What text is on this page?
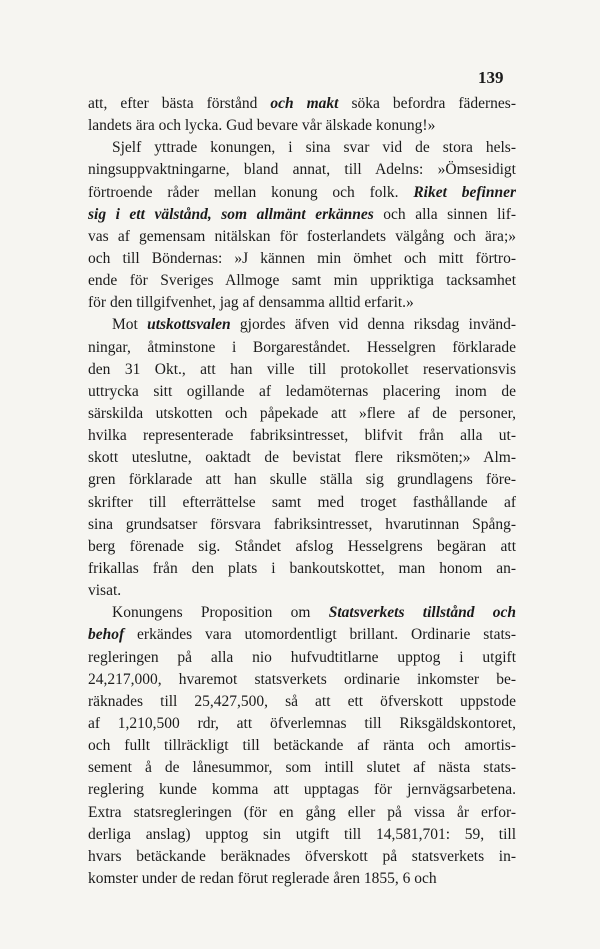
139
att, efter bästa förstånd och makt söka befordra fädernes-
landets ära och lycka. Gud bevare vår älskade konung!»
Sjelf yttrade konungen, i sina svar vid de stora hels-
ningsuppvaktningarne, bland annat, till Adelns: »Ömsesidigt
förtroende råder mellan konung och folk. Riket befinner
sig i ett välstånd, som allmänt erkännes och alla sinnen lif-
vas af gemensam nitälskan för fosterlandets välgång och ära;»
och till Böndernas: »J kännen min ömhet och mitt förtro-
ende för Sveriges Allmoge samt min uppriktiga tacksamhet
för den tillgifvenhet, jag af densamma alltid erfarit.»
Mot utskottsvalen gjordes äfven vid denna riksdag invänd-
ningar, åtminstone i Borgareståndet. Hesselgren förklarade
den 31 Okt., att han ville till protokollet reservationsvis
uttrycka sitt ogillande af ledamöternas placering inom de
särskilda utskotten och påpekade att »flere af de personer,
hvilka representerade fabriksintresset, blifvit från alla ut-
skott uteslutne, oaktadt de bevistat flere riksmöten;» Alm-
gren förklarade att han skulle ställa sig grundlagens före-
skrifter till efterrättelse samt med troget fasthållande af
sina grundsatser försvara fabriksintresset, hvarutinnan Spång-
berg förenade sig. Ståndet afslog Hesselgrens begäran att
frikallas från den plats i bankoutskottet, man honom an-
visat.
Konungens Proposition om Statsverkets tillstånd och
behof erkändes vara utomordentligt brillant. Ordinarie stats-
regleringen på alla nio hufvudtitlarne upptog i utgift
24,217,000, hvaremot statsverkets ordinarie inkomster be-
räknades till 25,427,500, så att ett öfverskott uppstode
af 1,210,500 rdr, att öfverlemnas till Riksgäldskontoret,
och fullt tillräckligt till betäckande af ränta och amortis-
sement å de lånesummor, som intill slutet af nästa stats-
reglering kunde komma att upptagas för jernvägsarbetena.
Extra statsregleringen (för en gång eller på vissa år erfor-
derliga anslag) upptog sin utgift till 14,581,701: 59, till
hvars betäckande beräknades öfverskott på statsverkets in-
komster under de redan förut reglerade åren 1855, 6 och
